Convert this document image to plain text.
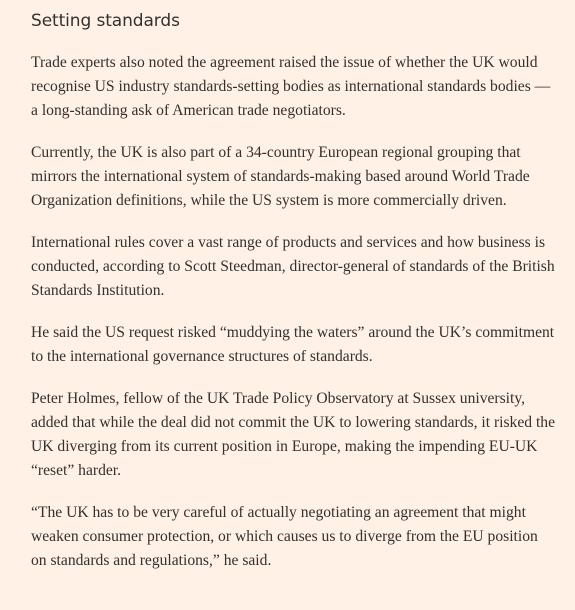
Setting standards

Trade experts also noted the agreement raised the issue of whether the UK would recognise US industry standards-setting bodies as international standards bodies — a long-standing ask of American trade negotiators.

Currently, the UK is also part of a 34-country European regional grouping that mirrors the international system of standards-making based around World Trade Organization definitions, while the US system is more commercially driven.

International rules cover a vast range of products and services and how business is conducted, according to Scott Steedman, director-general of standards of the British Standards Institution.

He said the US request risked “muddying the waters” around the UK’s commitment to the international governance structures of standards.

Peter Holmes, fellow of the UK Trade Policy Observatory at Sussex university, added that while the deal did not commit the UK to lowering standards, it risked the UK diverging from its current position in Europe, making the impending EU-UK “reset” harder.

“The UK has to be very careful of actually negotiating an agreement that might weaken consumer protection, or which causes us to diverge from the EU position on standards and regulations,” he said.
